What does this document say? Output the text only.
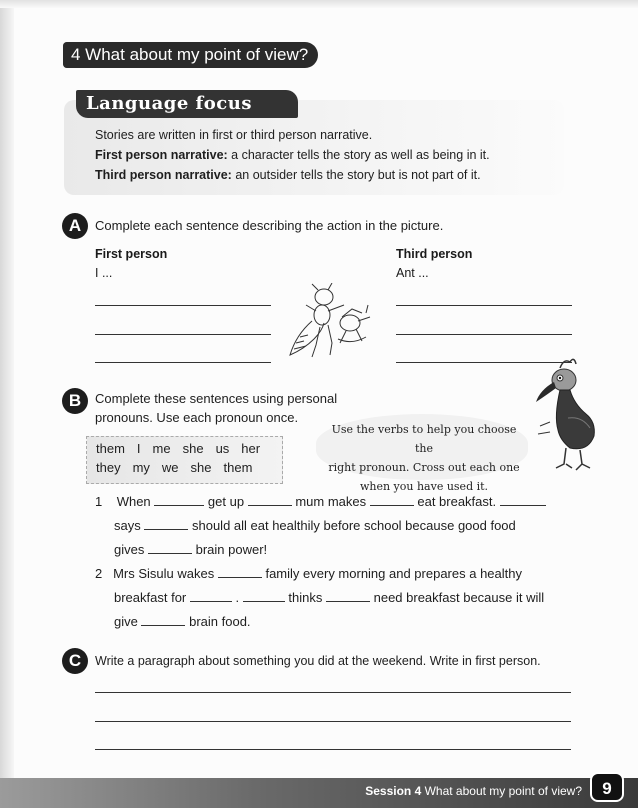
4 What about my point of view?
Language focus
Stories are written in first or third person narrative.
First person narrative: a character tells the story as well as being in it.
Third person narrative: an outsider tells the story but is not part of it.
A	Complete each sentence describing the action in the picture.
First person
I ...
Third person
Ant ...
B	Complete these sentences using personal
pronouns. Use each pronoun once.
them I me she us her
they my we she them
Use the verbs to help you choose the
right pronoun. Cross out each one
when you have used it.
1 When	get up	mum makes	eat breakfast.
says	should all eat healthily before school because good food
gives	brain power!
2 Mrs Sisulu wakes	family every morning and prepares a healthy
breakfast for	.	thinks	need breakfast because it will
give	brain food.
C	Write a paragraph about something you did at the weekend. Write in first person.
Session 4 What about my point of view?	9
